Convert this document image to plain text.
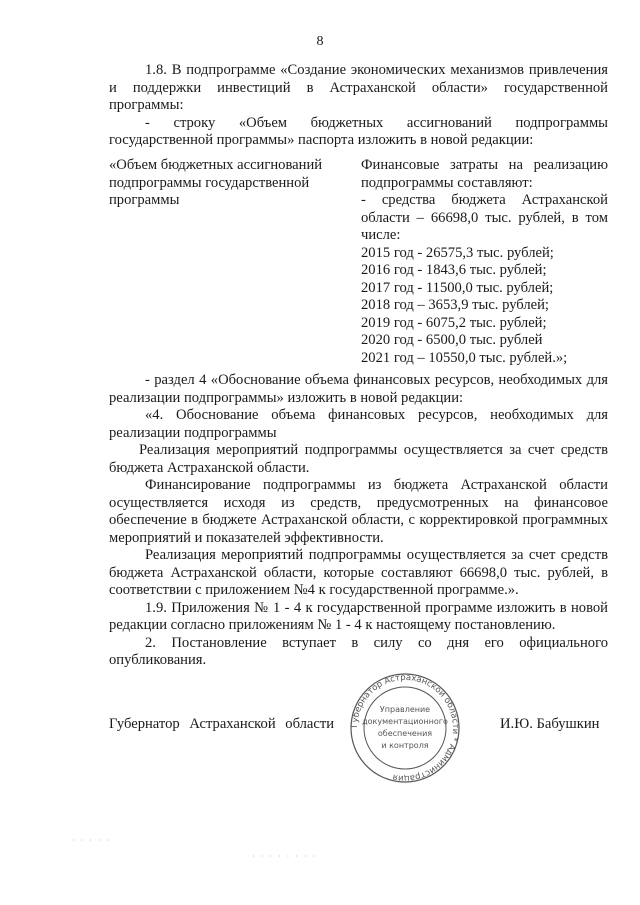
8

1.8. В подпрограмме «Создание экономических механизмов привлечения и поддержки инвестиций в Астраханской области» государственной программы:

- строку «Объем бюджетных ассигнований подпрограммы государственной программы» паспорта изложить в новой редакции:

«Объем бюджетных ассигнований подпрограммы государственной программы

Финансовые затраты на реализацию подпрограммы составляют:

- средства бюджета Астраханской области – 66698,0 тыс. рублей, в том числе:

2015 год - 26575,3 тыс. рублей;

2016 год - 1843,6 тыс. рублей;

2017 год - 11500,0 тыс. рублей;

2018 год – 3653,9 тыс. рублей;

2019 год - 6075,2 тыс. рублей;

2020 год - 6500,0 тыс. рублей

2021 год – 10550,0 тыс. рублей.»;

- раздел 4 «Обоснование объема финансовых ресурсов, необходимых для реализации подпрограммы» изложить в новой редакции:

«4. Обоснование объема финансовых ресурсов, необходимых для реализации подпрограммы

Реализация мероприятий подпрограммы осуществляется за счет средств бюджета Астраханской области.

Финансирование подпрограммы из бюджета Астраханской области осуществляется исходя из средств, предусмотренных на финансовое обеспечение в бюджете Астраханской области, с корректировкой программных мероприятий и показателей эффективности.

Реализация мероприятий подпрограммы осуществляется за счет средств бюджета Астраханской области, которые составляют 66698,0 тыс. рублей, в соответствии с приложением №4 к государственной программе.».

1.9. Приложения № 1 - 4 к государственной программе изложить в новой редакции согласно приложениям № 1 - 4 к настоящему постановлению.

2. Постановление вступает в силу со дня его официального опубликования.

Губернатор Астраханской области Губернатор Астраханской области * Администрация
Управление
документационного
обеспечения
и контроля
И.Ю. Бабушкин
· · · · ·
· · · · · · · ·
